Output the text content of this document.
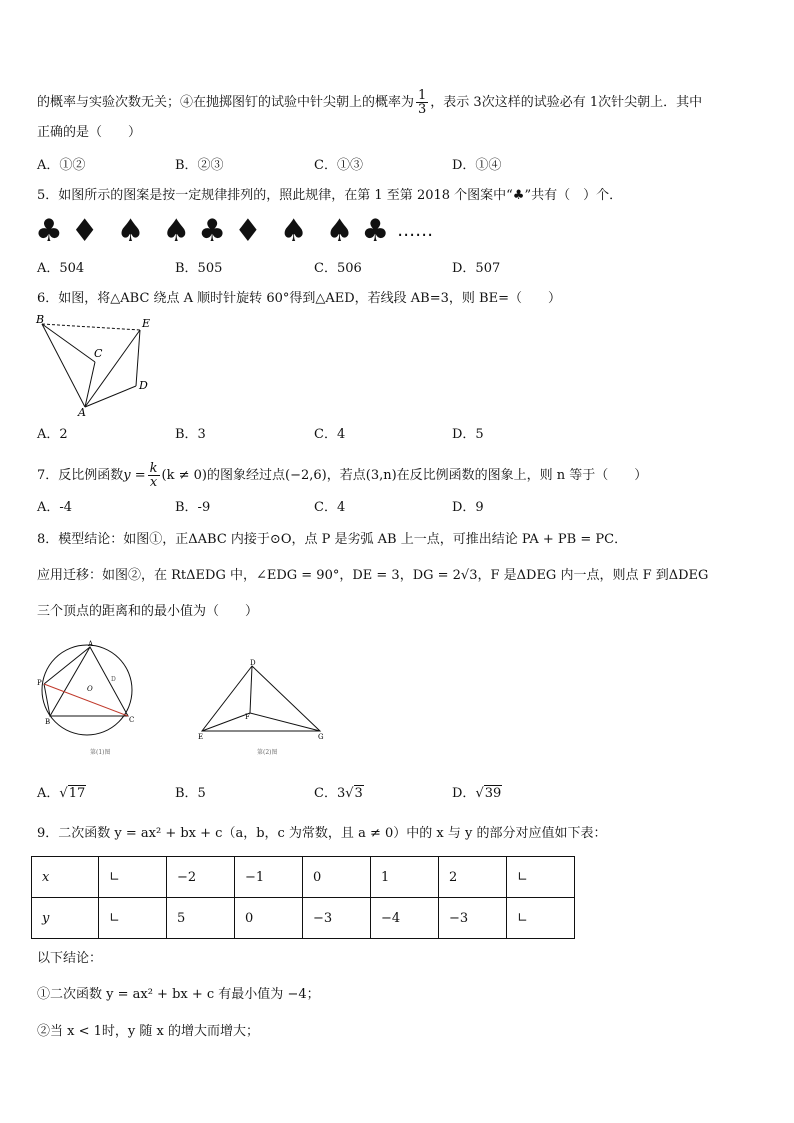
的概率与实验次数无关；④在抛掷图钉的试验中针尖朝上的概率为 $\frac{1}{3}$ ，表示 3次这样的试验必有 1次针尖朝上．其中
正确的是（　　）
A．①②	B．②③	C．①③	D．①④
5．如图所示的图案是按一定规律排列的，照此规律，在第 1 至第 2018 个图案中“♣”共有（　）个．
♣ ♦ ♠ ♠ ♣ ♦ ♠ ♠ ♣ ……
A．504	B．505	C．506	D．507
6．如图，将△ABC 绕点 A 顺时针旋转 60°得到△AED，若线段 AB=3，则 BE=（　　）
B	E
C
D
A
A．2	B．3	C．4	D．5
7．反比例函数$y = \frac{k}{x} (k \ne 0)$的图象经过点(−2,6)，若点(3,n)在反比例函数的图象上，则 n 等于（　　）
A．-4	B．-9	C．4	D．9
8．模型结论：如图①，正ΔABC 内接于⊙O，点 P 是劣弧 AB 上一点，可推出结论 PA + PB = PC．
应用迁移：如图②，在 RtΔEDG 中，∠EDG = 90°，DE = 3，DG = 2√3，F 是ΔDEG 内一点，则点 F 到ΔDEG
三个顶点的距离和的最小值为（　　）
A
P
O
D
B	C
第(1)图
D
F
E	G
第(2)图
A．√17	B．5	C．3√3	D．√39
9．二次函数 y = ax² + bx + c（a，b，c 为常数，且 a ≠ 0）中的 x 与 y 的部分对应值如下表：
x	∟	−2	−1	0	1	2	∟
y	∟	5	0	−3	−4	−3	∟
以下结论：
①二次函数 y = ax² + bx + c 有最小值为 −4；
②当 x < 1时，y 随 x 的增大而增大；
